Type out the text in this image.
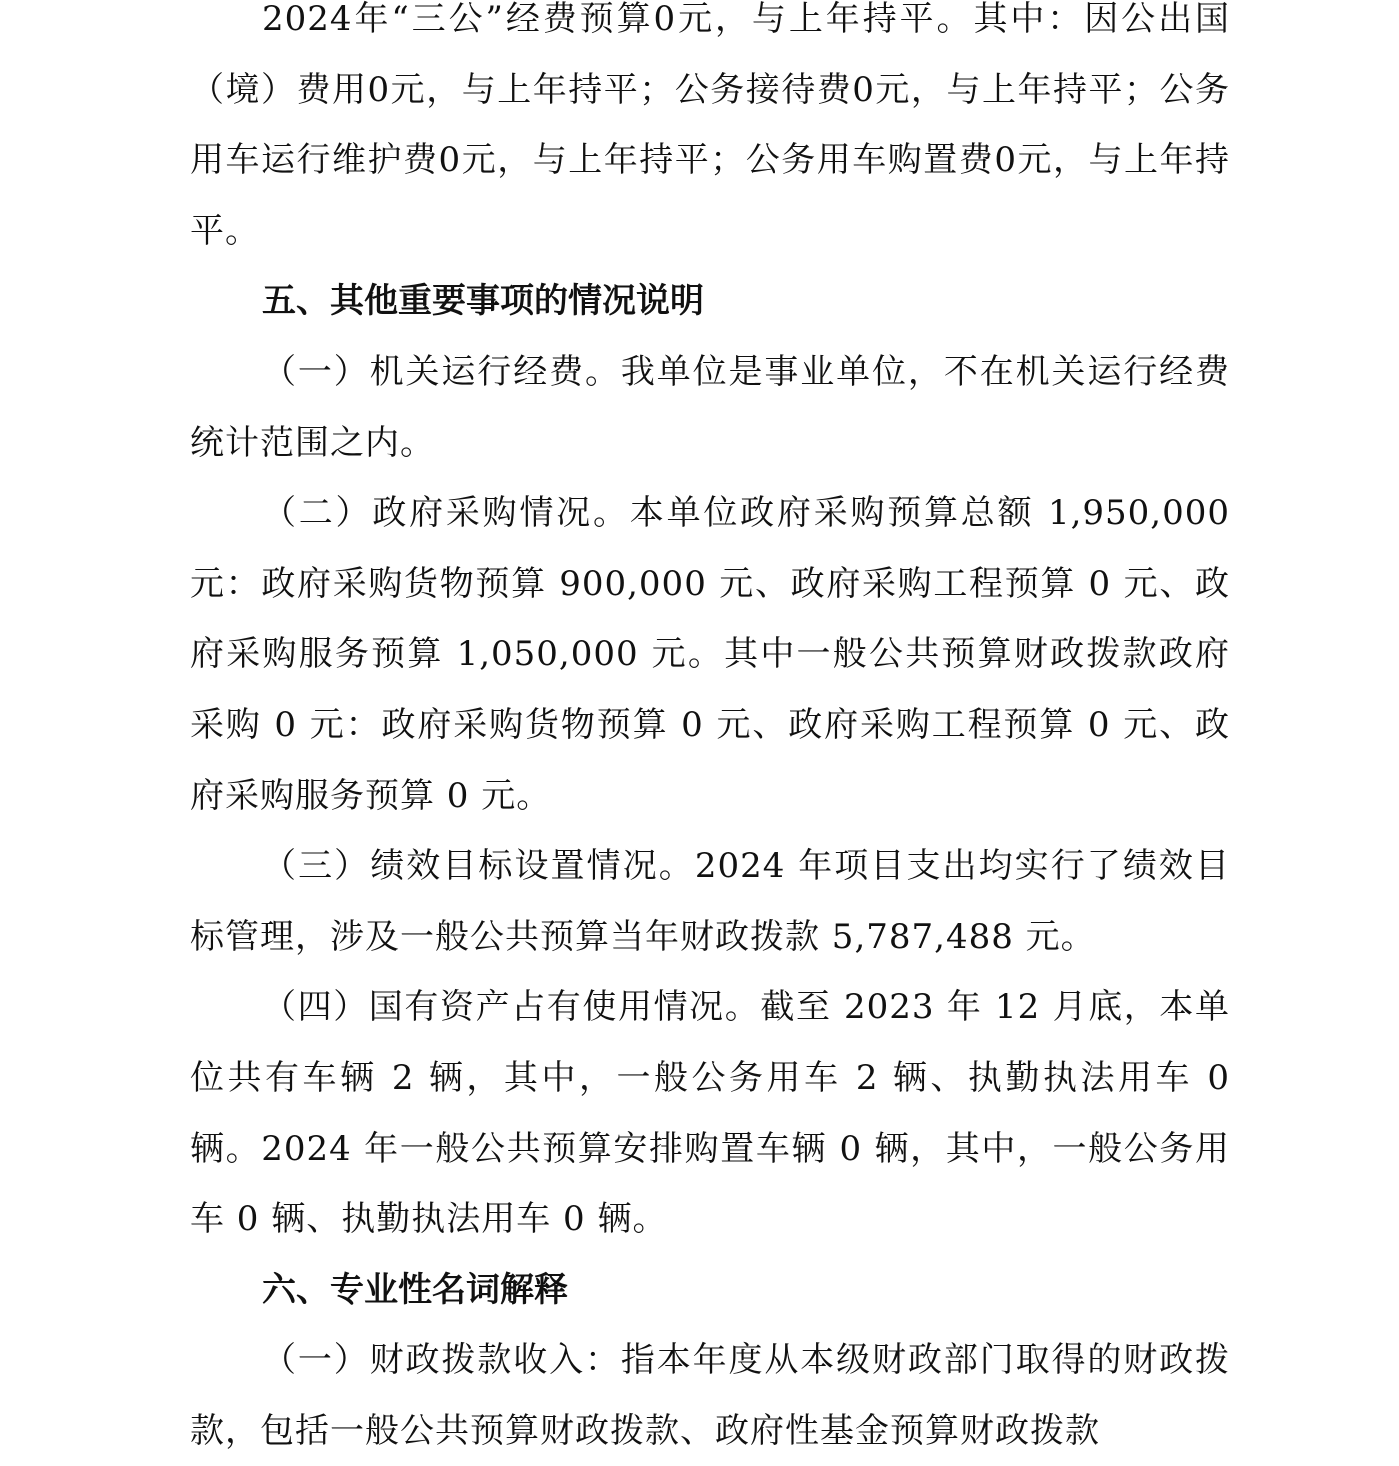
2024年“三公”经费预算0元，与上年持平。其中：因公出国（境）费用0元，与上年持平；公务接待费0元，与上年持平；公务用车运行维护费0元，与上年持平；公务用车购置费0元，与上年持平。

五、其他重要事项的情况说明

（一）机关运行经费。我单位是事业单位，不在机关运行经费统计范围之内。

（二）政府采购情况。本单位政府采购预算总额 1,950,000元：政府采购货物预算 900,000 元、政府采购工程预算 0 元、政府采购服务预算 1,050,000 元。其中一般公共预算财政拨款政府采购 0 元：政府采购货物预算 0 元、政府采购工程预算 0 元、政府采购服务预算 0 元。

（三）绩效目标设置情况。2024 年项目支出均实行了绩效目标管理，涉及一般公共预算当年财政拨款 5,787,488 元。

（四）国有资产占有使用情况。截至 2023 年 12 月底，本单位共有车辆 2 辆，其中，一般公务用车 2 辆、执勤执法用车 0 辆。2024 年一般公共预算安排购置车辆 0 辆，其中，一般公务用车 0 辆、执勤执法用车 0 辆。

六、专业性名词解释

（一）财政拨款收入：指本年度从本级财政部门取得的财政拨款，包括一般公共预算财政拨款、政府性基金预算财政拨款
